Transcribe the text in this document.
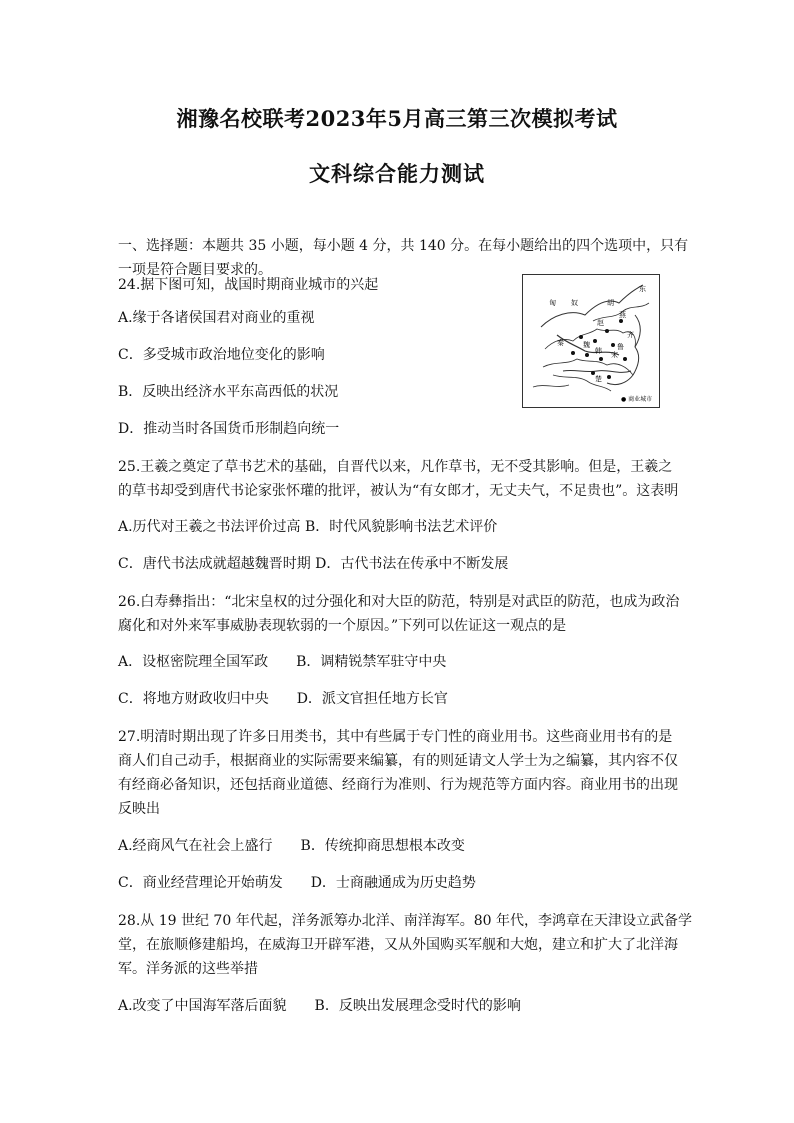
湘豫名校联考2023年5月高三第三次模拟考试
文科综合能力测试
一、选择题：本题共 35 小题，每小题 4 分，共 140 分。在每小题给出的四个选项中，只有
一项是符合题目要求的。
24.据下图可知，战国时期商业城市的兴起
A.缘于各诸侯国君对商业的重视
C．多受城市政治地位变化的影响
B．反映出经济水平东高西低的状况
D．推动当时各国货币形制趋向统一
东
匈 奴	胡
燕
齐
赵
魏
韩
楚
秦
宋
鲁
● 商业城市
25.王羲之奠定了草书艺术的基础，自晋代以来，凡作草书，无不受其影响。但是，王羲之
的草书却受到唐代书论家张怀瓘的批评，被认为“有女郎才，无丈夫气，不足贵也”。这表明
A.历代对王羲之书法评价过高 B．时代风貌影响书法艺术评价
C．唐代书法成就超越魏晋时期 D．古代书法在传承中不断发展
26.白寿彝指出：“北宋皇权的过分强化和对大臣的防范，特别是对武臣的防范，也成为政治
腐化和对外来军事威胁表现软弱的一个原因。”下列可以佐证这一观点的是
A．设枢密院理全国军政　　B．调精锐禁军驻守中央
C．将地方财政收归中央　　D．派文官担任地方长官
27.明清时期出现了许多日用类书，其中有些属于专门性的商业用书。这些商业用书有的是
商人们自己动手，根据商业的实际需要来编纂，有的则延请文人学士为之编纂，其内容不仅
有经商必备知识，还包括商业道德、经商行为准则、行为规范等方面内容。商业用书的出现
反映出
A.经商风气在社会上盛行　　B．传统抑商思想根本改变
C．商业经营理论开始萌发　　D．士商融通成为历史趋势
28.从 19 世纪 70 年代起，洋务派筹办北洋、南洋海军。80 年代，李鸿章在天津设立武备学
堂，在旅顺修建船坞，在威海卫开辟军港，又从外国购买军舰和大炮，建立和扩大了北洋海
军。洋务派的这些举措
A.改变了中国海军落后面貌　　B．反映出发展理念受时代的影响
